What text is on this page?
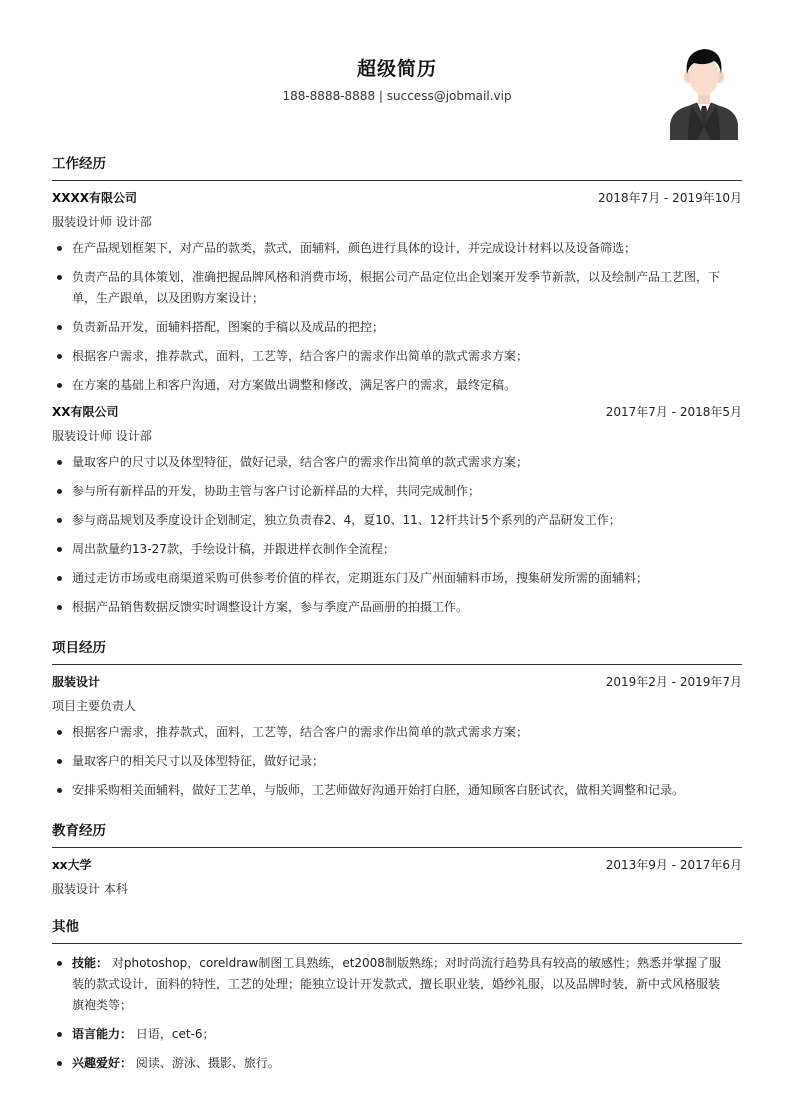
超级简历
188-8888-8888 | success@jobmail.vip
工作经历
XXXX有限公司	2018年7月 - 2019年10月
服装设计师 设计部
在产品规划框架下，对产品的款类，款式，面辅料，颜色进行具体的设计，并完成设计材料以及设备筛选；
负责产品的具体策划，准确把握品牌风格和消费市场，根据公司产品定位出企划案开发季节新款，以及绘制产品工艺图，下单，生产跟单，以及团购方案设计；
负责新品开发，面辅料搭配，图案的手稿以及成品的把控；
根据客户需求，推荐款式，面料，工艺等，结合客户的需求作出简单的款式需求方案；
在方案的基础上和客户沟通，对方案做出调整和修改，满足客户的需求，最终定稿。
XX有限公司	2017年7月 - 2018年5月
服装设计师 设计部
量取客户的尺寸以及体型特征，做好记录，结合客户的需求作出简单的款式需求方案；
参与所有新样品的开发，协助主管与客户讨论新样品的大样，共同完成制作；
参与商品规划及季度设计企划制定，独立负责春2、4，夏10、11、12杆共计5个系列的产品研发工作；
周出款量约13-27款，手绘设计稿，并跟进样衣制作全流程；
通过走访市场或电商渠道采购可供参考价值的样衣，定期逛东门及广州面辅料市场，搜集研发所需的面辅料；
根据产品销售数据反馈实时调整设计方案，参与季度产品画册的拍摄工作。
项目经历
服装设计	2019年2月 - 2019年7月
项目主要负责人
根据客户需求，推荐款式，面料，工艺等，结合客户的需求作出简单的款式需求方案；
量取客户的相关尺寸以及体型特征，做好记录；
安排采购相关面辅料，做好工艺单，与版师，工艺师做好沟通开始打白胚，通知顾客白胚试衣，做相关调整和记录。
教育经历
xx大学	2013年9月 - 2017年6月
服装设计 本科
其他
技能： 对photoshop，coreldraw制图工具熟练，et2008制版熟练；对时尚流行趋势具有较高的敏感性；熟悉并掌握了服装的款式设计，面料的特性，工艺的处理；能独立设计开发款式，擅长职业装，婚纱礼服，以及品牌时装，新中式风格服装旗袍类等；
语言能力： 日语，cet-6；
兴趣爱好： 阅读、游泳、摄影、旅行。
